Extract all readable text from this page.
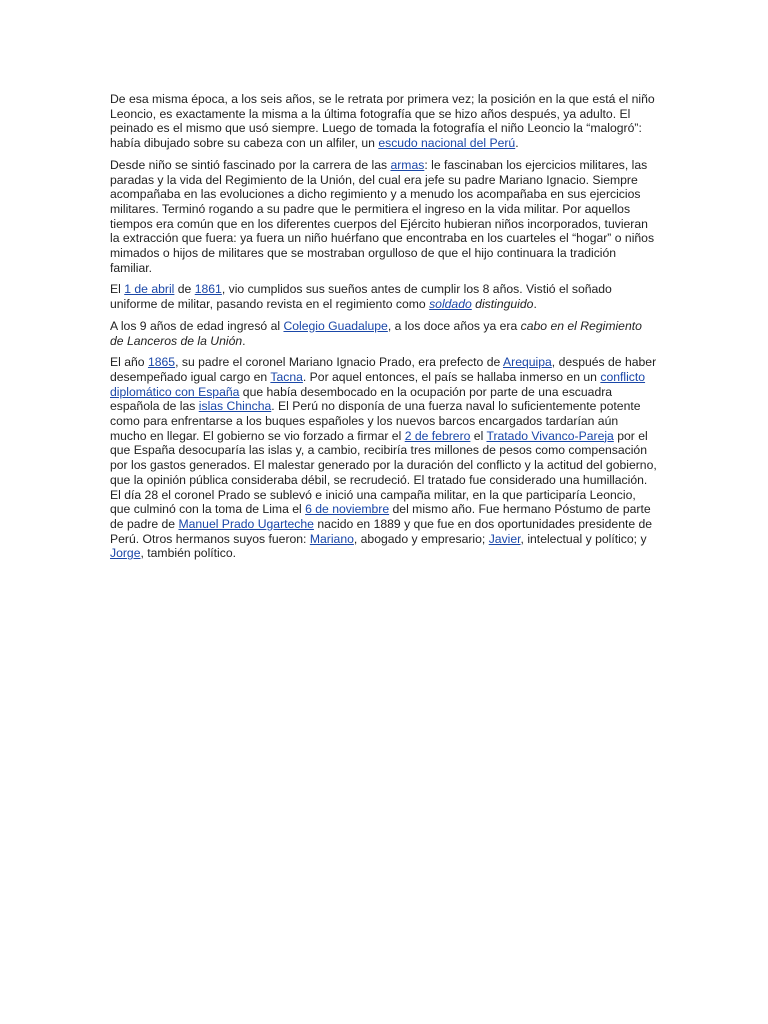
De esa misma época, a los seis años, se le retrata por primera vez; la posición en la que está el niño Leoncio, es exactamente la misma a la última fotografía que se hizo años después, ya adulto. El peinado es el mismo que usó siempre. Luego de tomada la fotografía el niño Leoncio la “malogró”: había dibujado sobre su cabeza con un alfiler, un escudo nacional del Perú.

Desde niño se sintió fascinado por la carrera de las armas: le fascinaban los ejercicios militares, las paradas y la vida del Regimiento de la Unión, del cual era jefe su padre Mariano Ignacio. Siempre acompañaba en las evoluciones a dicho regimiento y a menudo los acompañaba en sus ejercicios militares. Terminó rogando a su padre que le permitiera el ingreso en la vida militar. Por aquellos tiempos era común que en los diferentes cuerpos del Ejército hubieran niños incorporados, tuvieran la extracción que fuera: ya fuera un niño huérfano que encontraba en los cuarteles el “hogar” o niños mimados o hijos de militares que se mostraban orgulloso de que el hijo continuara la tradición familiar.

El 1 de abril de 1861, vio cumplidos sus sueños antes de cumplir los 8 años. Vistió el soñado uniforme de militar, pasando revista en el regimiento como soldado distinguido.

A los 9 años de edad ingresó al Colegio Guadalupe, a los doce años ya era cabo en el Regimiento de Lanceros de la Unión.

El año 1865, su padre el coronel Mariano Ignacio Prado, era prefecto de Arequipa, después de haber desempeñado igual cargo en Tacna. Por aquel entonces, el país se hallaba inmerso en un conflicto diplomático con España que había desembocado en la ocupación por parte de una escuadra española de las islas Chincha. El Perú no disponía de una fuerza naval lo suficientemente potente como para enfrentarse a los buques españoles y los nuevos barcos encargados tardarían aún mucho en llegar. El gobierno se vio forzado a firmar el 2 de febrero el Tratado Vivanco-Pareja por el que España desocuparía las islas y, a cambio, recibiría tres millones de pesos como compensación por los gastos generados. El malestar generado por la duración del conflicto y la actitud del gobierno, que la opinión pública consideraba débil, se recrudeció. El tratado fue considerado una humillación. El día 28 el coronel Prado se sublevó e inició una campaña militar, en la que participaría Leoncio, que culminó con la toma de Lima el 6 de noviembre del mismo año. Fue hermano Póstumo de parte de padre de Manuel Prado Ugarteche nacido en 1889 y que fue en dos oportunidades presidente de Perú. Otros hermanos suyos fueron: Mariano, abogado y empresario; Javier, intelectual y político; y Jorge, también político.
